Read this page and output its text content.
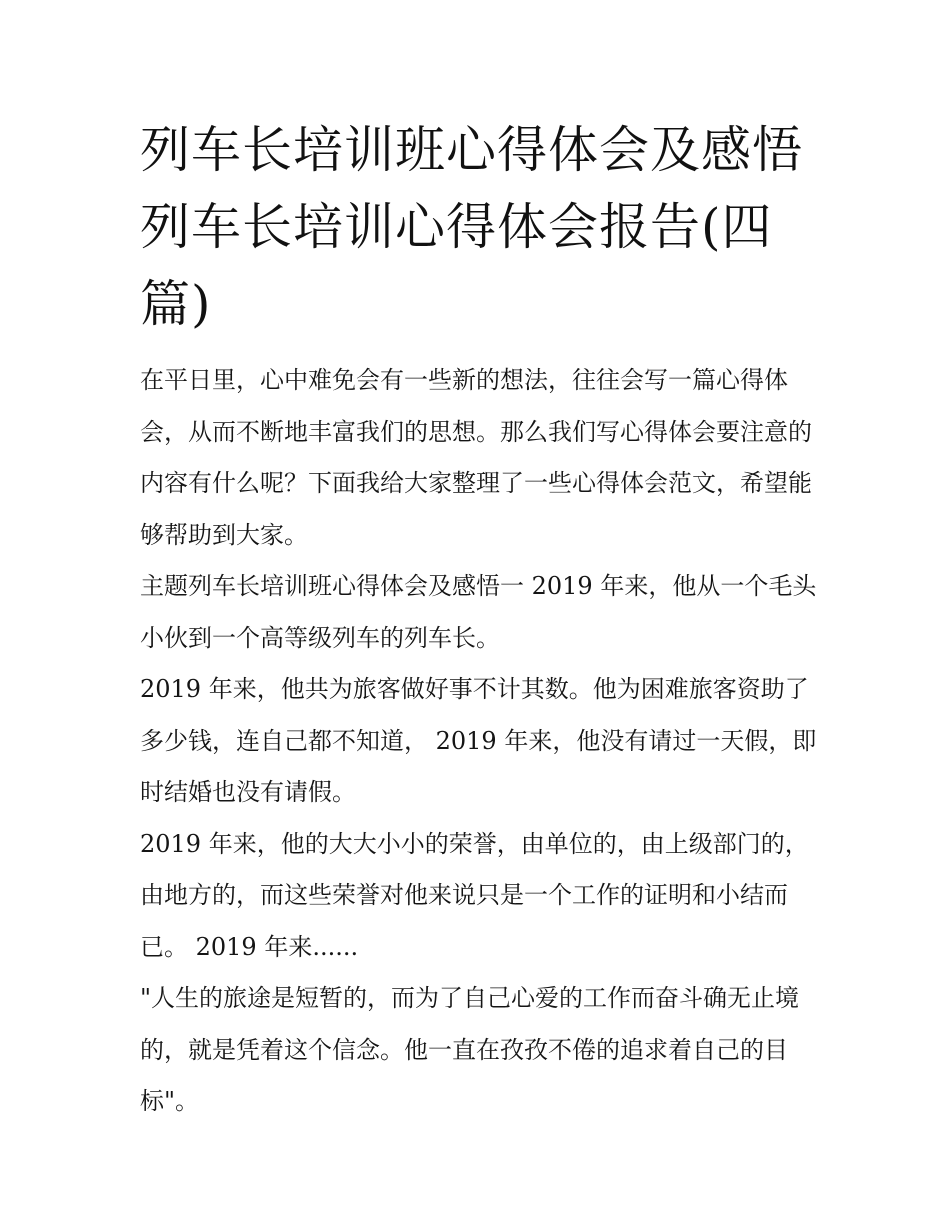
列车长培训班心得体会及感悟列车长培训心得体会报告(四篇)

在平日里，心中难免会有一些新的想法，往往会写一篇心得体会，从而不断地丰富我们的思想。那么我们写心得体会要注意的内容有什么呢？下面我给大家整理了一些心得体会范文，希望能够帮助到大家。

主题列车长培训班心得体会及感悟一 2019 年来，他从一个毛头小伙到一个高等级列车的列车长。

2019 年来，他共为旅客做好事不计其数。他为困难旅客资助了多少钱，连自己都不知道， 2019 年来，他没有请过一天假，即时结婚也没有请假。

2019 年来，他的大大小小的荣誉，由单位的，由上级部门的，由地方的，而这些荣誉对他来说只是一个工作的证明和小结而已。 2019 年来......

"人生的旅途是短暂的，而为了自己心爱的工作而奋斗确无止境的，就是凭着这个信念。他一直在孜孜不倦的追求着自己的目标"。
